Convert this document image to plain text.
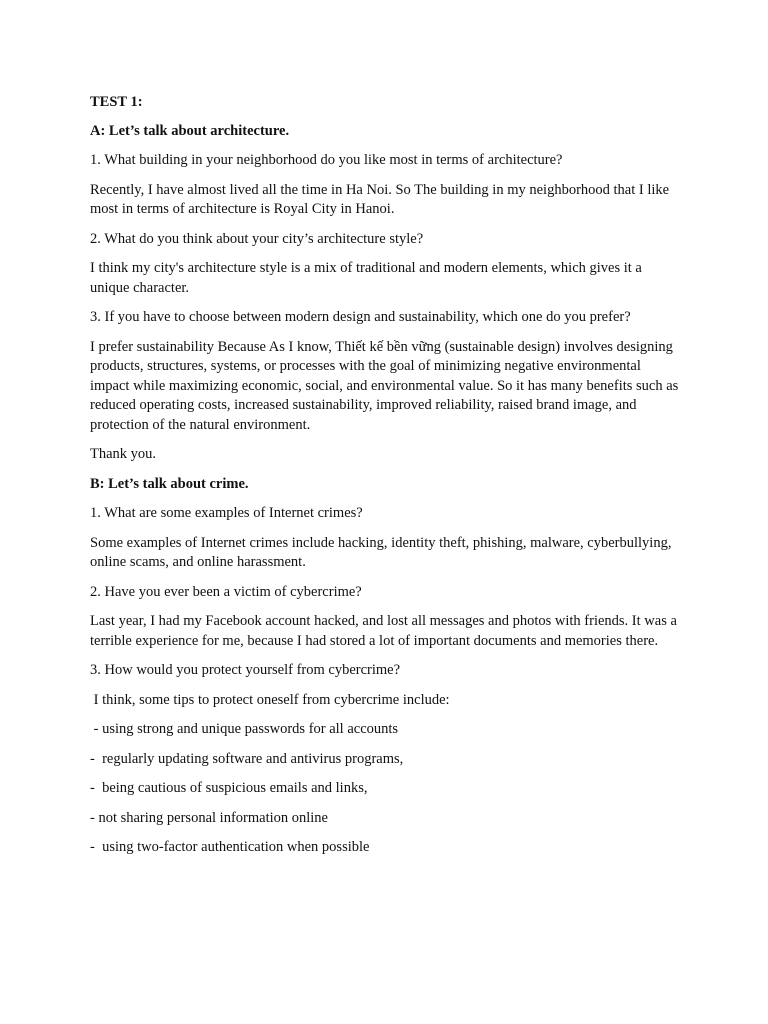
TEST 1:

A: Let’s talk about architecture.

1. What building in your neighborhood do you like most in terms of architecture?

Recently, I have almost lived all the time in Ha Noi. So The building in my neighborhood that I like most in terms of architecture is Royal City in Hanoi.

2. What do you think about your city’s architecture style?

I think my city's architecture style is a mix of traditional and modern elements, which gives it a unique character.

3. If you have to choose between modern design and sustainability, which one do you prefer?

I prefer sustainability Because As I know, Thiết kế bền vững (sustainable design) involves designing products, structures, systems, or processes with the goal of minimizing negative environmental impact while maximizing economic, social, and environmental value. So it has many benefits such as reduced operating costs, increased sustainability, improved reliability, raised brand image, and protection of the natural environment.

Thank you.

B: Let’s talk about crime.

1. What are some examples of Internet crimes?

Some examples of Internet crimes include hacking, identity theft, phishing, malware, cyberbullying, online scams, and online harassment.

2. Have you ever been a victim of cybercrime?

Last year, I had my Facebook account hacked, and lost all messages and photos with friends. It was a terrible experience for me, because I had stored a lot of important documents and memories there.

3. How would you protect yourself from cybercrime?

I think, some tips to protect oneself from cybercrime include:

- using strong and unique passwords for all accounts

-  regularly updating software and antivirus programs,

-  being cautious of suspicious emails and links,

- not sharing personal information online

-  using two-factor authentication when possible
